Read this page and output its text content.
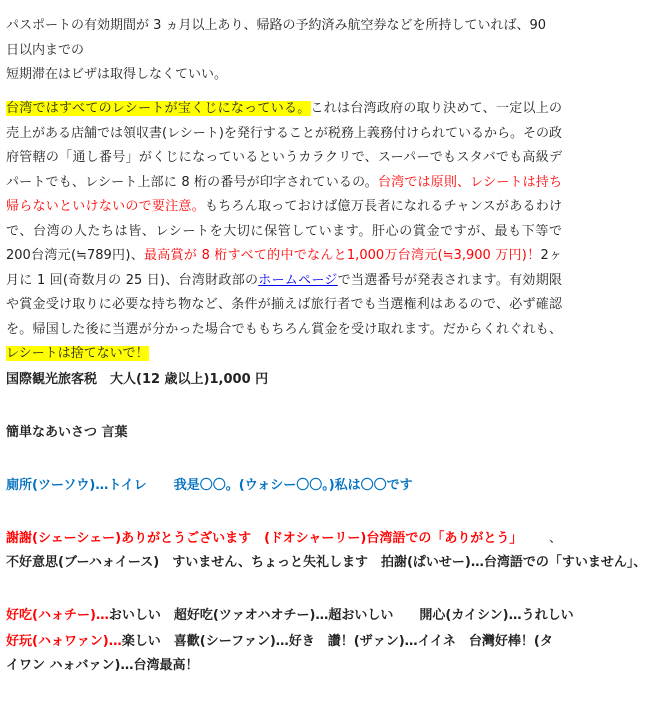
パスポートの有効期間が 3 ヵ月以上あり、帰路の予約済み航空券などを所持していれば、90 日以内までの
短期滞在はビザは取得しなくていい。

台湾ではすべてのレシートが宝くじになっている。これは台湾政府の取り決めて、一定以上の売上がある店舗では領収書(レシート)を発行することが税務上義務付けられているから。その政府管轄の「通し番号」がくじになっているというカラクリで、スーパーでもスタバでも高級デパートでも、レシート上部に 8 桁の番号が印字されているの。台湾では原則、レシートは持ち帰らないといけないので要注意。もちろん取っておけば億万長者になれるチャンスがあるわけで、台湾の人たちは皆、レシートを大切に保管しています。肝心の賞金ですが、最も下等で200台湾元(≒789円)、最高賞が 8 桁すべて的中でなんと1,000万台湾元(≒3,900 万円)！2ヶ月に 1 回(奇数月の 25 日)、台湾財政部のホームページで当選番号が発表されます。有効期限や賞金受け取りに必要な持ち物など、条件が揃えば旅行者でも当選権利はあるので、必ず確認を。帰国した後に当選が分かった場合でももちろん賞金を受け取れます。だからくれぐれも、レシートは捨てないで！

国際観光旅客税　大人(12 歳以上)1,000 円
簡単なあいさつ 言葉
廁所(ツーソウ)…トイレ 我是〇〇。(ウォシー〇〇。)私は〇〇です
謝謝(シェーシェー)ありがとうございます　(ドオシャーリー)台湾語での「ありがとう」 、
不好意思(ブーハォイース)　すいません、ちょっと失礼します　拍謝(ぱいせー)…台湾語での「すいません」、
好吃(ハォチー)…おいしい　超好吃(ツァオハオチー)…超おいしい　　開心(カイシン)…うれしい
好玩(ハォワァン)…楽しい　喜歡(シーファン)…好き　讚！(ザァン)…イイネ　台灣好棒！(タイワン ハォバァン)…台湾最高！
